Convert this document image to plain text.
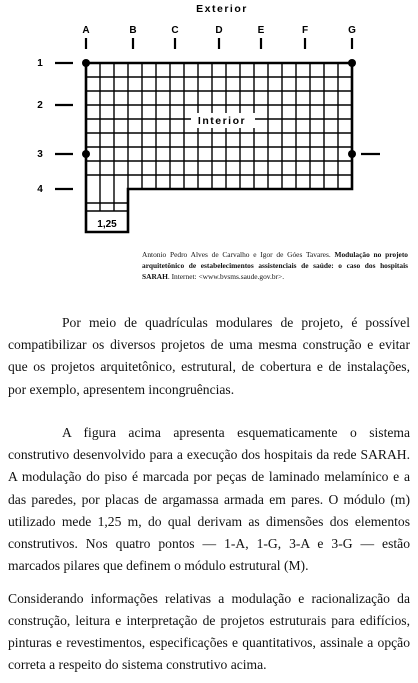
Exterior
A	B	C	D	E	F	G
1
2
3
4
Interior
1,25
Antonio Pedro Alves de Carvalho e Igor de Góes Tavares. Modulação no projeto arquitetônico de estabelecimentos assistenciais de saúde: o caso dos hospitais SARAH. Internet: <www.bvsms.saude.gov.br>.

Por meio de quadrículas modulares de projeto, é possível compatibilizar os diversos projetos de uma mesma construção e evitar que os projetos arquitetônico, estrutural, de cobertura e de instalações, por exemplo, apresentem incongruências.

A figura acima apresenta esquematicamente o sistema construtivo desenvolvido para a execução dos hospitais da rede SARAH. A modulação do piso é marcada por peças de laminado melamínico e a das paredes, por placas de argamassa armada em pares. O módulo (m) utilizado mede 1,25 m, do qual derivam as dimensões dos elementos construtivos. Nos quatro pontos — 1-A, 1-G, 3-A e 3-G — estão marcados pilares que definem o módulo estrutural (M).

Considerando informações relativas a modulação e racionalização da construção, leitura e interpretação de projetos estruturais para edifícios, pinturas e revestimentos, especificações e quantitativos, assinale a opção correta a respeito do sistema construtivo acima.
